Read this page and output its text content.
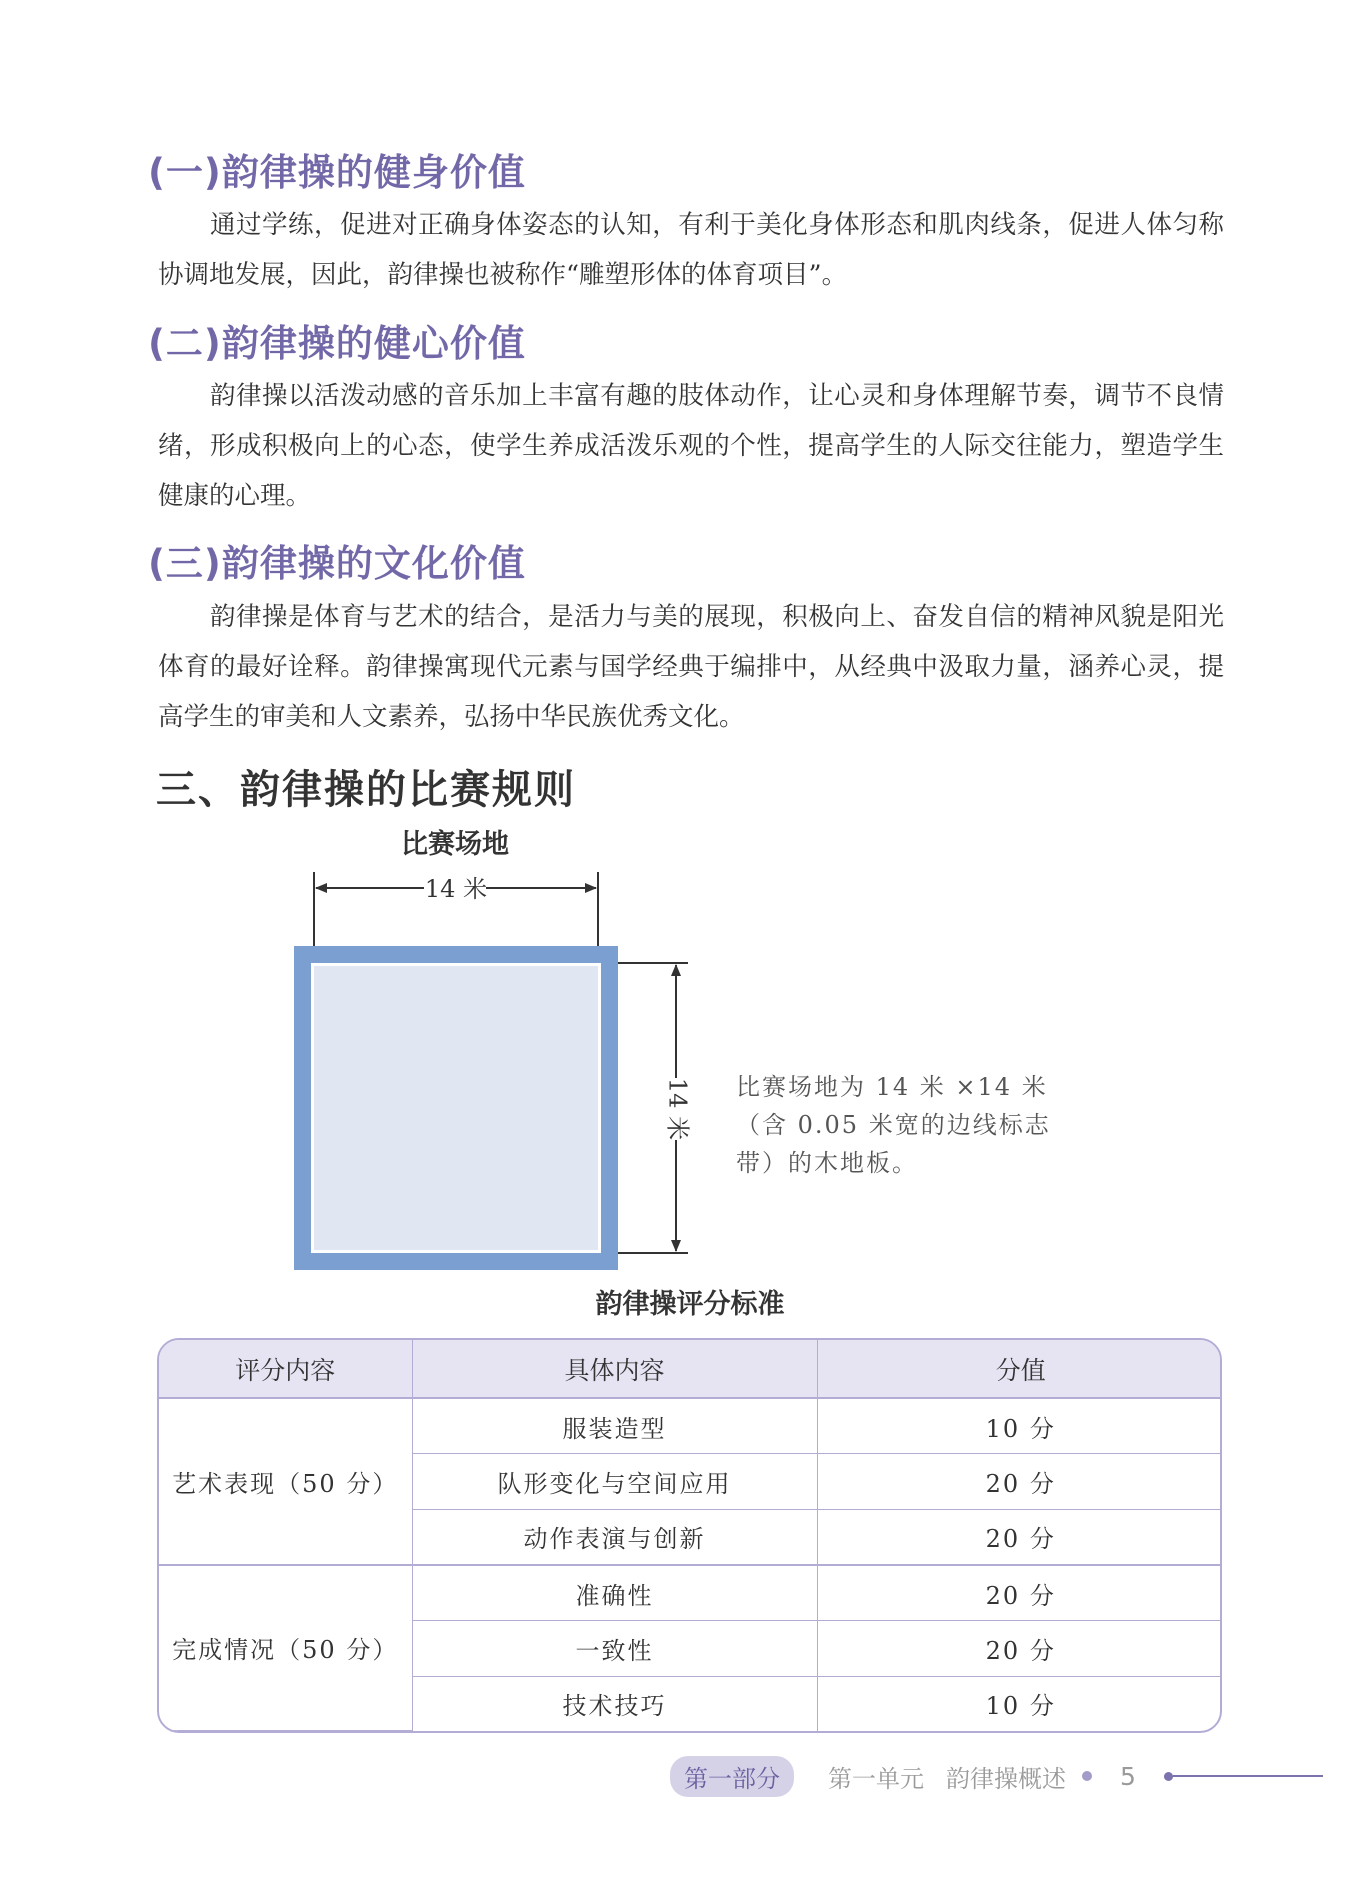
(一)韵律操的健身价值

通过学练，促进对正确身体姿态的认知，有利于美化身体形态和肌肉线条，促进人体匀称协调地发展，因此，韵律操也被称作“雕塑形体的体育项目”。

(二)韵律操的健心价值

韵律操以活泼动感的音乐加上丰富有趣的肢体动作，让心灵和身体理解节奏，调节不良情绪，形成积极向上的心态，使学生养成活泼乐观的个性，提高学生的人际交往能力，塑造学生健康的心理。

(三)韵律操的文化价值

韵律操是体育与艺术的结合，是活力与美的展现，积极向上、奋发自信的精神风貌是阳光体育的最好诠释。韵律操寓现代元素与国学经典于编排中，从经典中汲取力量，涵养心灵，提高学生的审美和人文素养，弘扬中华民族优秀文化。

三、韵律操的比赛规则

比赛场地

14 米
14 米 比赛场地为 14 米 ×14 米（含 0.05 米宽的边线标志带）的木地板。

韵律操评分标准

评分内容	具体内容	分值
艺术表现（50 分）	服装造型	10 分
	队形变化与空间应用	20 分
	动作表演与创新	20 分
完成情况（50 分）	准确性	20 分
	一致性	20 分
	技术技巧	10 分
第一部分	第一单元 韵律操概述 5
